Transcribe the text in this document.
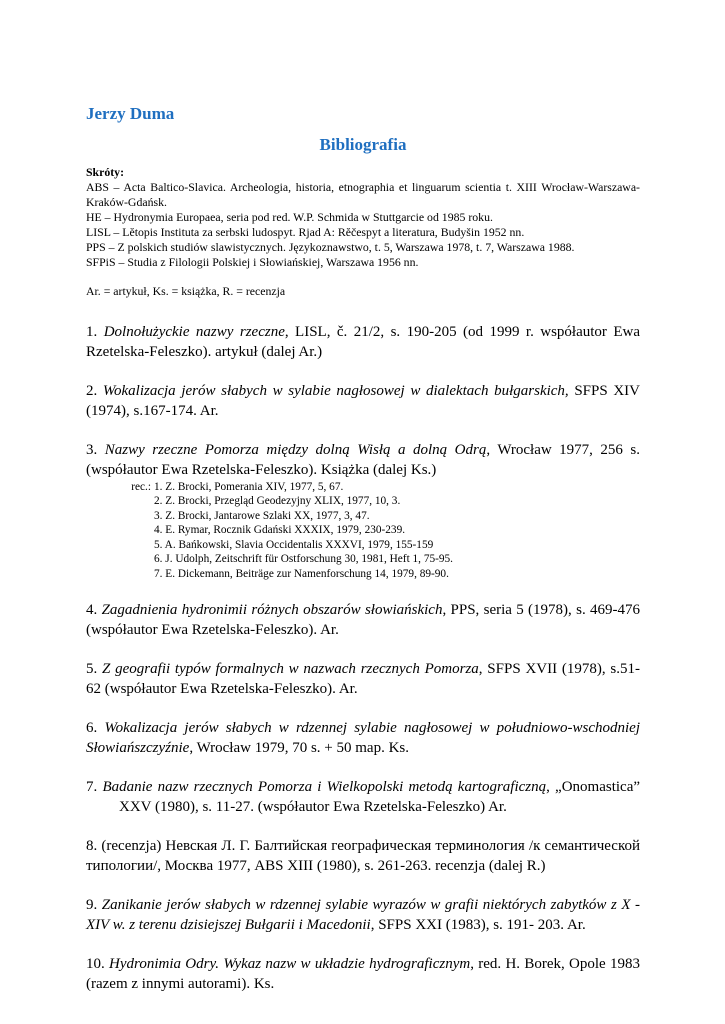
Jerzy Duma
Bibliografia

Skróty:

ABS – Acta Baltico-Slavica. Archeologia, historia, etnographia et linguarum scientia t. XIII Wrocław-Warszawa-Kraków-Gdańsk.

HE – Hydronymia Europaea, seria pod red. W.P. Schmida w Stuttgarcie od 1985 roku.

LISL – Lĕtopis Instituta za serbski ludospyt. Rjad A: Rĕčespyt a literatura, Budyšin 1952 nn.

PPS – Z polskich studiów slawistycznych. Językoznawstwo, t. 5, Warszawa 1978, t. 7, Warszawa 1988.

SFPiS – Studia z Filologii Polskiej i Słowiańskiej, Warszawa 1956 nn.

Ar. = artykuł, Ks. = książka, R. = recenzja

1. Dolnołużyckie nazwy rzeczne, LISL, č. 21/2, s. 190-205 (od 1999 r. współautor Ewa Rzetelska-Feleszko). artykuł (dalej Ar.)

2. Wokalizacja jerów słabych w sylabie nagłosowej w dialektach bułgarskich, SFPS XIV (1974), s.167-174. Ar.

3. Nazwy rzeczne Pomorza między dolną Wisłą a dolną Odrą, Wrocław 1977, 256 s. (współautor Ewa Rzetelska-Feleszko). Książka (dalej Ks.)

rec.: 1. Z. Brocki, Pomerania XIV, 1977, 5, 67.
2. Z. Brocki, Przegląd Geodezyjny XLIX, 1977, 10, 3.
3. Z. Brocki, Jantarowe Szlaki XX, 1977, 3, 47.
4. E. Rymar, Rocznik Gdański XXXIX, 1979, 230-239.
5. A. Bańkowski, Slavia Occidentalis XXXVI, 1979, 155-159
6. J. Udolph, Zeitschrift für Ostforschung 30, 1981, Heft 1, 75-95.
7. E. Dickemann, Beiträge zur Namenforschung 14, 1979, 89-90.

4. Zagadnienia hydronimii różnych obszarów słowiańskich, PPS, seria 5 (1978), s. 469-476 (współautor Ewa Rzetelska-Feleszko). Ar.

5. Z geografii typów formalnych w nazwach rzecznych Pomorza, SFPS XVII (1978), s.51-62 (współautor Ewa Rzetelska-Feleszko). Ar.

6. Wokalizacja jerów słabych w rdzennej sylabie nagłosowej w południowo-wschodniej Słowiańszczyźnie, Wrocław 1979, 70 s. + 50 map. Ks.

7. Badanie nazw rzecznych Pomorza i Wielkopolski metodą kartograficzną, „Onomastica” XXV (1980), s. 11-27. (współautor Ewa Rzetelska-Feleszko) Ar.

8. (recenzja) Невская Л. Г. Балтийская географическая терминология /к семантической типологии/, Москва 1977, ABS XIII (1980), s. 261-263. recenzja (dalej R.)

9. Zanikanie jerów słabych w rdzennej sylabie wyrazów w grafii niektórych zabytków z X - XIV w. z terenu dzisiejszej Bułgarii i Macedonii, SFPS XXI (1983), s. 191- 203. Ar.

10. Hydronimia Odry. Wykaz nazw w układzie hydrograficznym, red. H. Borek, Opole 1983 (razem z innymi autorami). Ks.
